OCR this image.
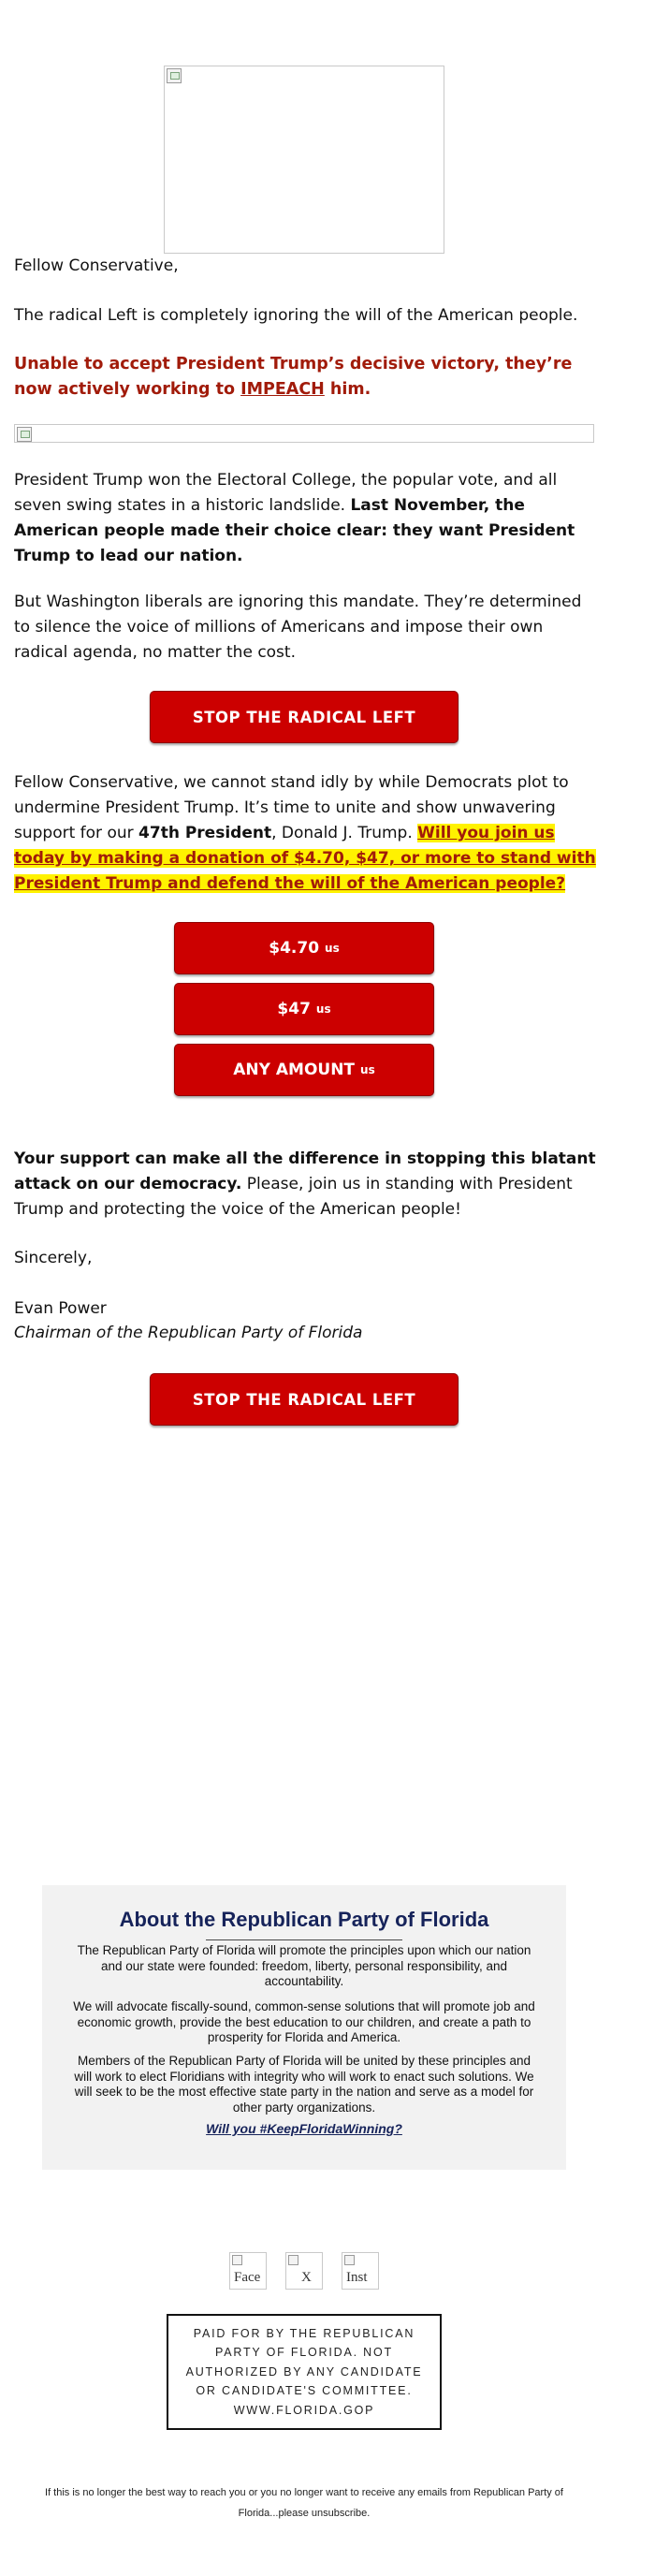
Fellow Conservative,
The radical Left is completely ignoring the will of the American people.
Unable to accept President Trump’s decisive victory, they’re now actively working to IMPEACH him.
President Trump won the Electoral College, the popular vote, and all seven swing states in a historic landslide. Last November, the American people made their choice clear: they want President Trump to lead our nation.
But Washington liberals are ignoring this mandate. They’re determined to silence the voice of millions of Americans and impose their own radical agenda, no matter the cost.
STOP THE RADICAL LEFT
Fellow Conservative, we cannot stand idly by while Democrats plot to undermine President Trump. It’s time to unite and show unwavering support for our 47th President, Donald J. Trump. Will you join us today by making a donation of $4.70, $47, or more to stand with President Trump and defend the will of the American people?
$4.70 us
$47 us
ANY AMOUNT us
Your support can make all the difference in stopping this blatant attack on our democracy. Please, join us in standing with President Trump and protecting the voice of the American people!
Sincerely,
Evan Power
Chairman of the Republican Party of Florida
STOP THE RADICAL LEFT
About the Republican Party of Florida
The Republican Party of Florida will promote the principles upon which our nation and our state were founded: freedom, liberty, personal responsibility, and accountability.
We will advocate fiscally-sound, common-sense solutions that will promote job and economic growth, provide the best education to our children, and create a path to prosperity for Florida and America.
Members of the Republican Party of Florida will be united by these principles and will work to elect Floridians with integrity who will work to enact such solutions. We will seek to be the most effective state party in the nation and serve as a model for other party organizations.
Will you #KeepFloridaWinning?
Face	X Inst
PAID FOR BY THE REPUBLICAN PARTY OF FLORIDA. NOT AUTHORIZED BY ANY CANDIDATE OR CANDIDATE'S COMMITTEE. WWW.FLORIDA.GOP
If this is no longer the best way to reach you or you no longer want to receive any emails from Republican Party of Florida...please unsubscribe.
